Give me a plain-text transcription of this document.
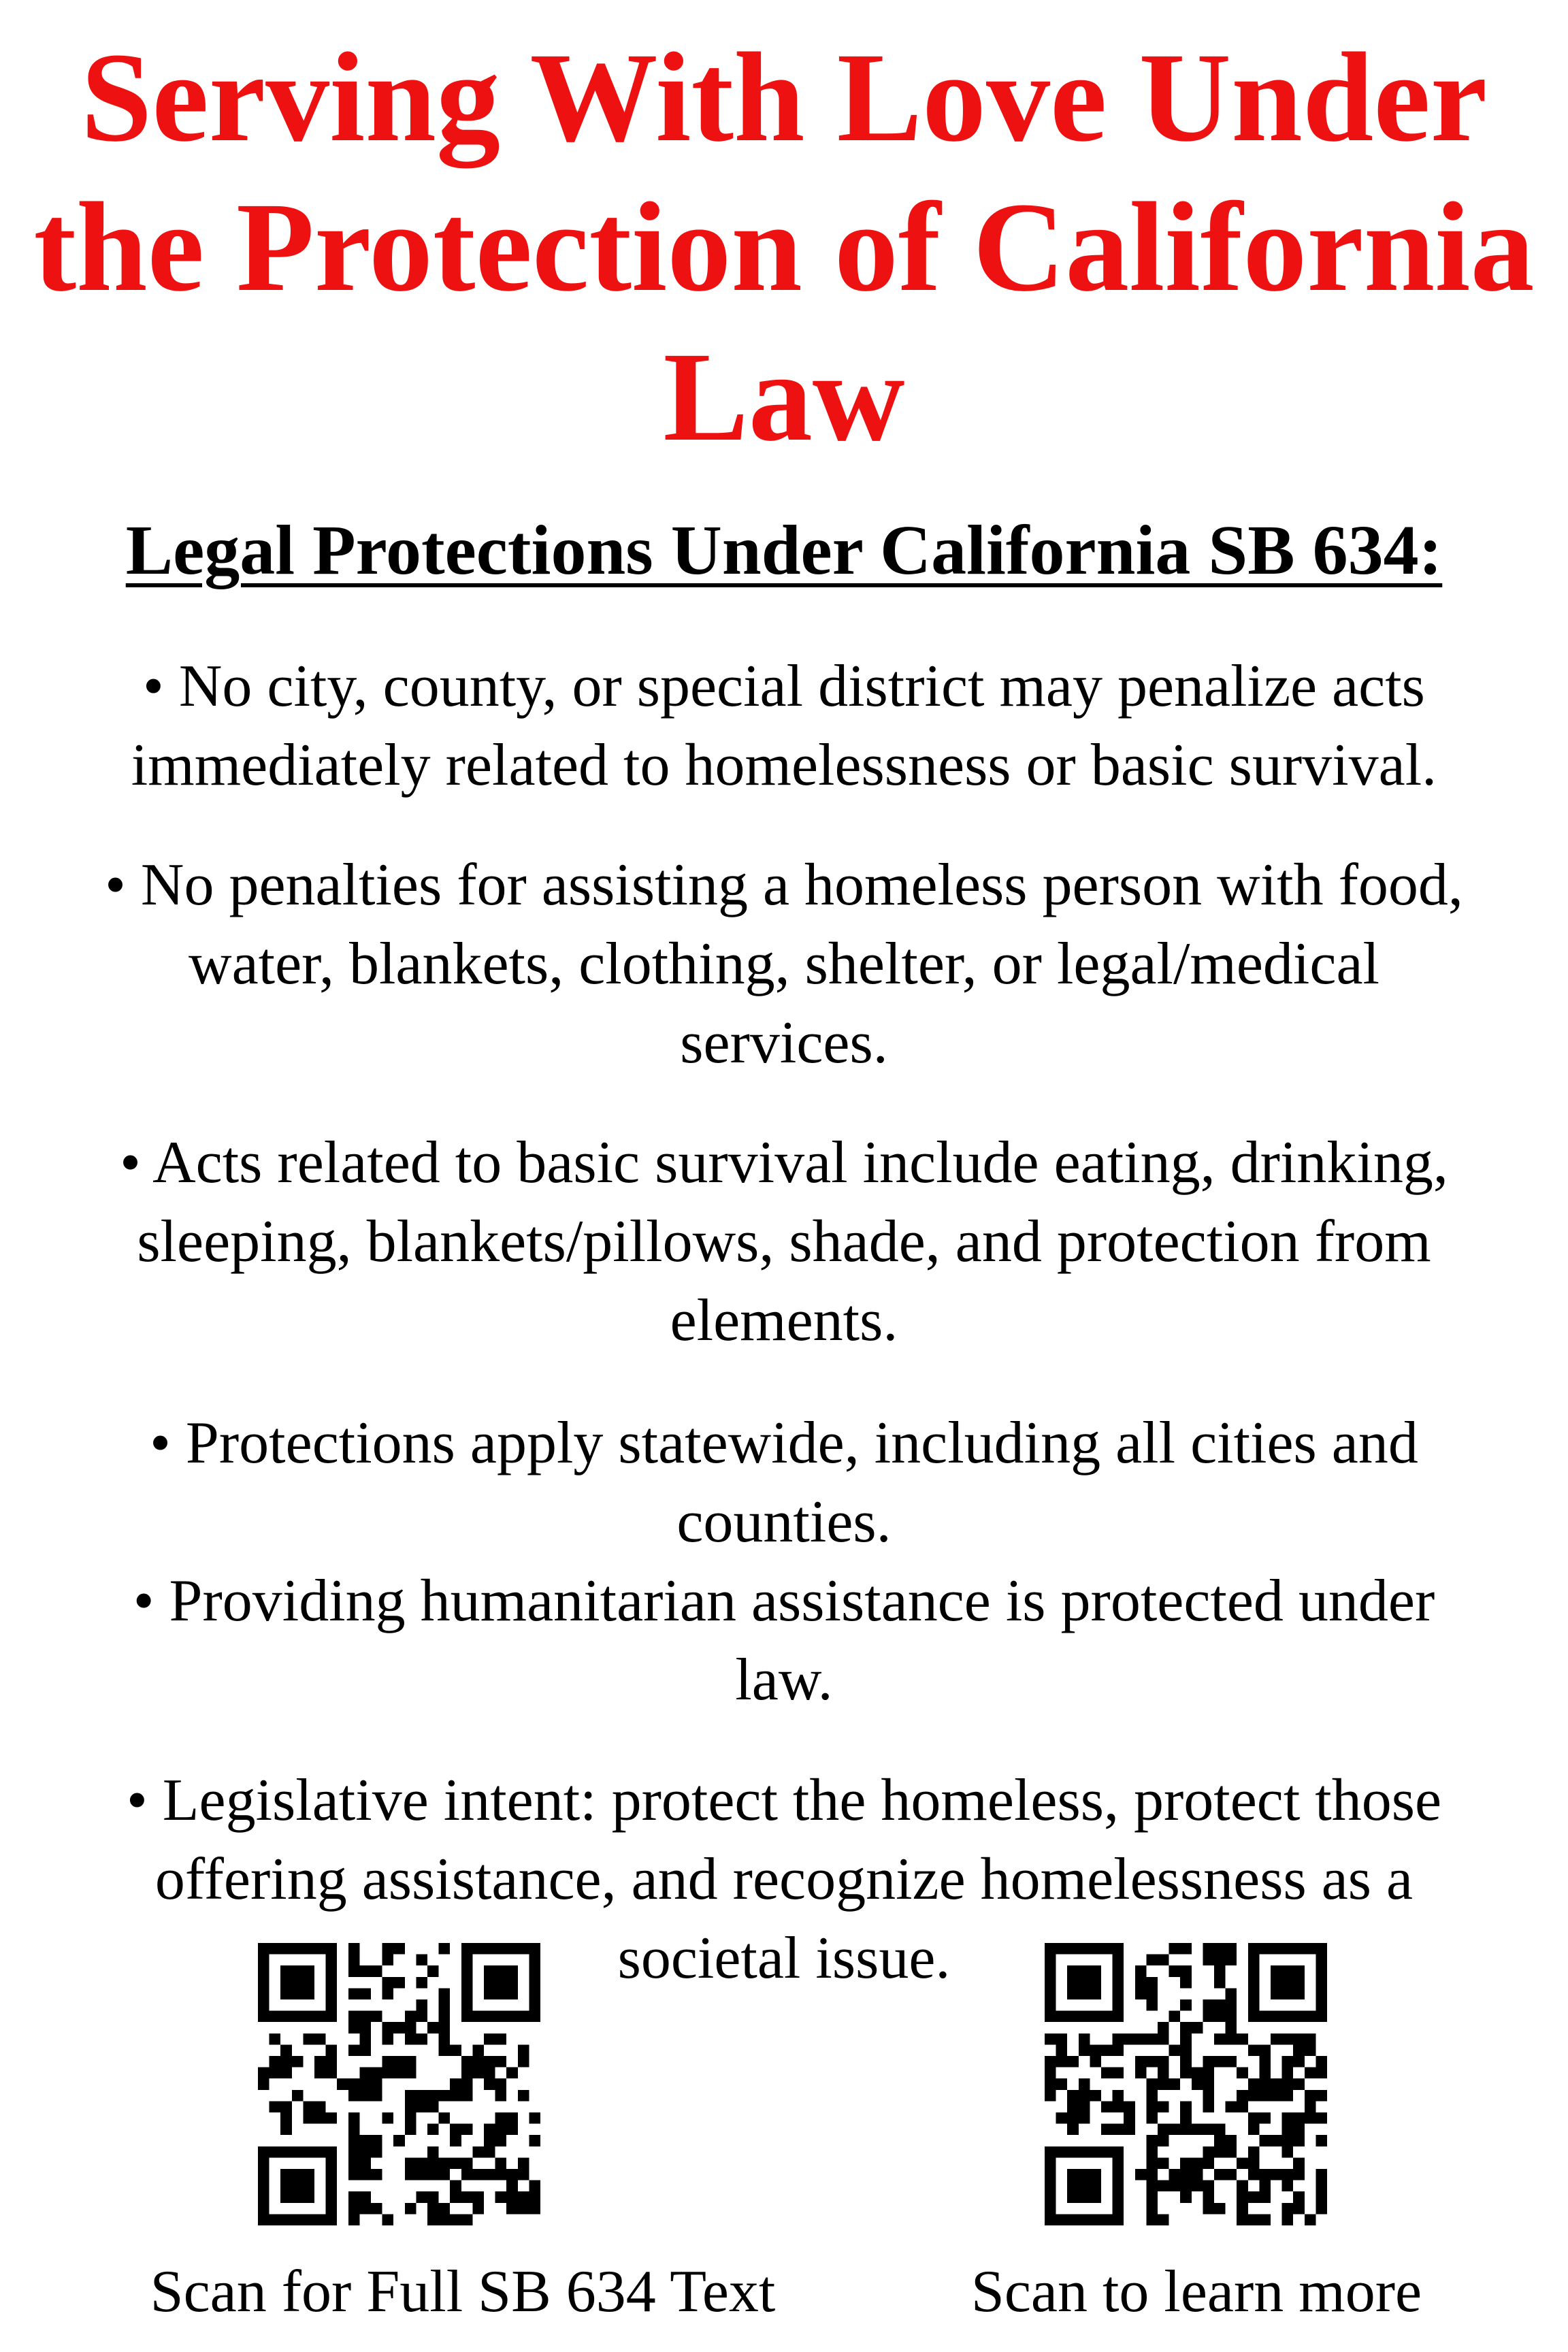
Serving With Love Under
the Protection of California
Law
Legal Protections Under California SB 634:
• No city, county, or special district may penalize acts
immediately related to homelessness or basic survival.
• No penalties for assisting a homeless person with food,
water, blankets, clothing, shelter, or legal/medical
services.
• Acts related to basic survival include eating, drinking,
sleeping, blankets/pillows, shade, and protection from
elements.
• Protections apply statewide, including all cities and
counties.
• Providing humanitarian assistance is protected under
law.
• Legislative intent: protect the homeless, protect those
offering assistance, and recognize homelessness as a
societal issue.
Scan for Full SB 634 Text	Scan to learn more
